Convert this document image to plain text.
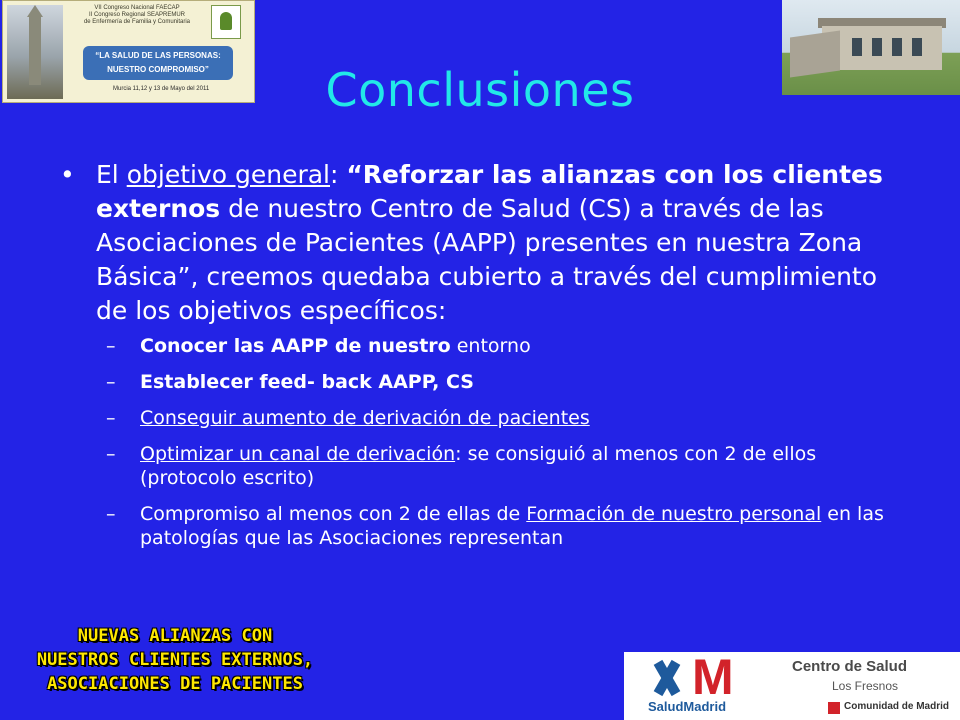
VII Congreso Nacional FAECAP
II Congreso Regional SEAPREMUR
de Enfermería de Familia y Comunitaria
“LA SALUD DE LAS PERSONAS:
NUESTRO COMPROMISO”
Murcia 11,12 y 13 de Mayo del 2011	Conclusiones
• El objetivo general: “Reforzar las alianzas con los clientes externos de nuestro Centro de Salud (CS) a través de las Asociaciones de Pacientes (AAPP) presentes en nuestra Zona Básica”, creemos quedaba cubierto a través del cumplimiento de los objetivos específicos:
– Conocer las AAPP de nuestro entorno
– Establecer feed- back AAPP, CS
– Conseguir aumento de derivación de pacientes
– Optimizar un canal de derivación: se consiguió al menos con 2 de ellos (protocolo escrito)
– Compromiso al menos con 2 de ellas de Formación de nuestro personal en las patologías que las Asociaciones representan
NUEVAS ALIANZAS CON
NUESTROS CLIENTES EXTERNOS,
ASOCIACIONES DE PACIENTES	M
SaludMadrid
Centro de Salud
Los Fresnos
Comunidad de Madrid
